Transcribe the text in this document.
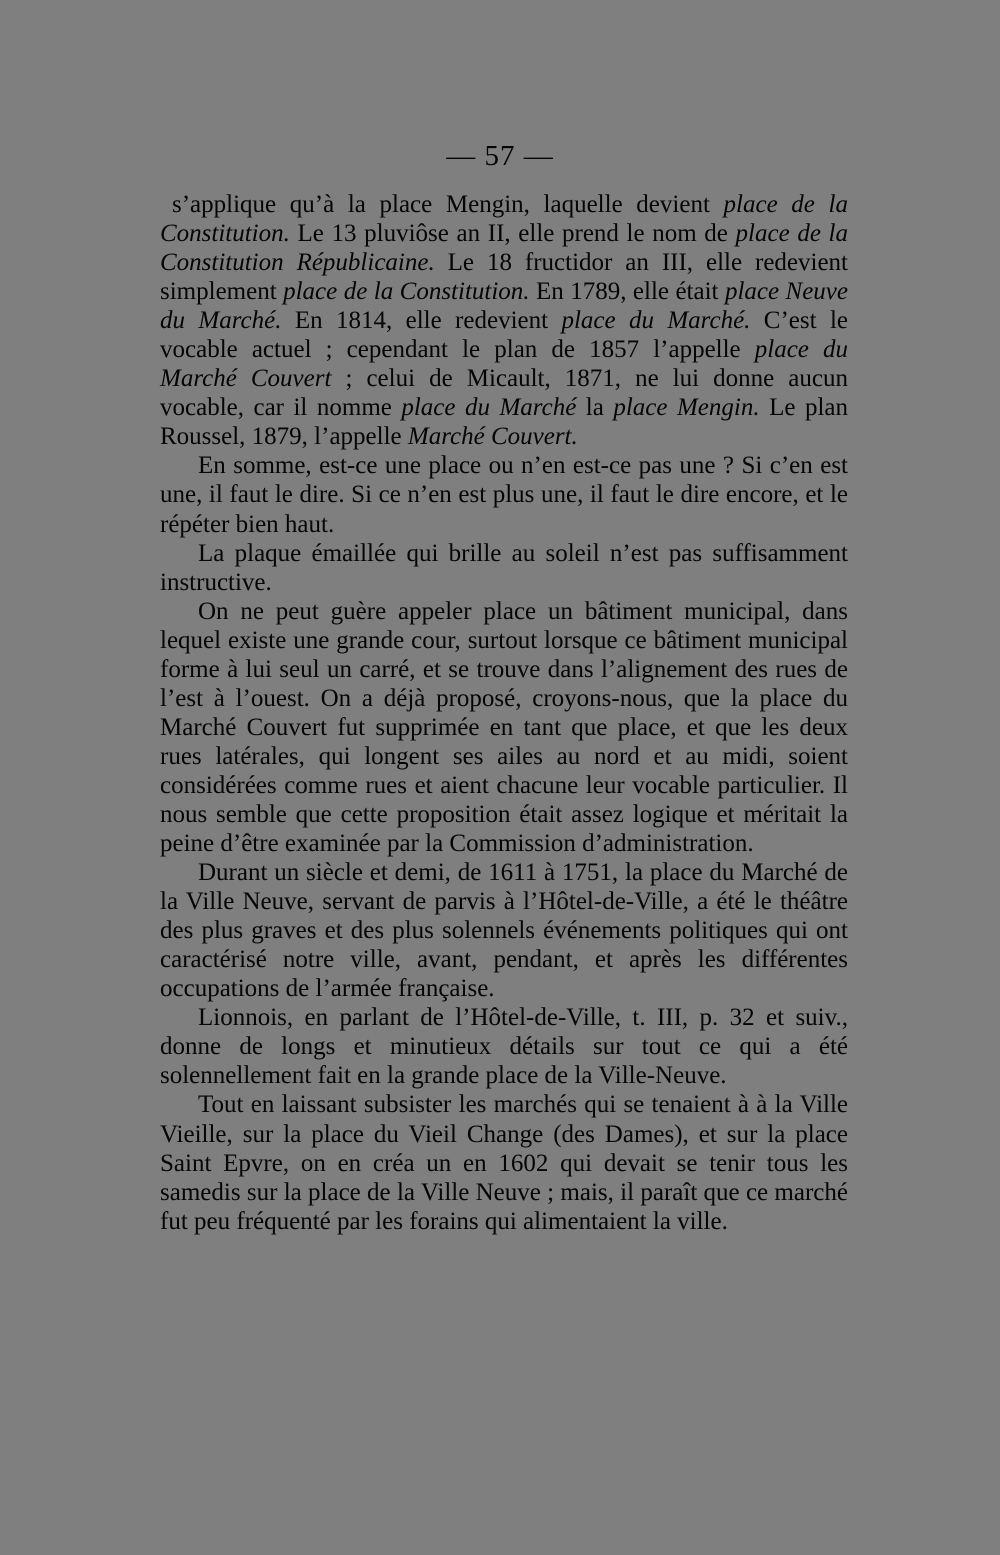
— 57 —

s’applique qu’à la place Mengin, laquelle devient place de la Constitution. Le 13 pluviôse an II, elle prend le nom de place de la Constitution Républicaine. Le 18 fructidor an III, elle redevient simplement place de la Constitution. En 1789, elle était place Neuve du Marché. En 1814, elle redevient place du Marché. C’est le vocable actuel ; cependant le plan de 1857 l’appelle place du Marché Couvert ; celui de Micault, 1871, ne lui donne aucun vocable, car il nomme place du Marché la place Mengin. Le plan Roussel, 1879, l’appelle Marché Couvert.

En somme, est-ce une place ou n’en est-ce pas une ? Si c’en est une, il faut le dire. Si ce n’en est plus une, il faut le dire encore, et le répéter bien haut.

La plaque émaillée qui brille au soleil n’est pas suffisamment instructive.

On ne peut guère appeler place un bâtiment municipal, dans lequel existe une grande cour, surtout lorsque ce bâtiment municipal forme à lui seul un carré, et se trouve dans l’alignement des rues de l’est à l’ouest. On a déjà proposé, croyons-nous, que la place du Marché Couvert fut supprimée en tant que place, et que les deux rues latérales, qui longent ses ailes au nord et au midi, soient considérées comme rues et aient chacune leur vocable particulier. Il nous semble que cette proposition était assez logique et méritait la peine d’être examinée par la Commission d’administration.

Durant un siècle et demi, de 1611 à 1751, la place du Marché de la Ville Neuve, servant de parvis à l’Hôtel-de-Ville, a été le théâtre des plus graves et des plus solennels événements politiques qui ont caractérisé notre ville, avant, pendant, et après les différentes occupations de l’armée française.

Lionnois, en parlant de l’Hôtel-de-Ville, t. III, p. 32 et suiv., donne de longs et minutieux détails sur tout ce qui a été solennellement fait en la grande place de la Ville-Neuve.

Tout en laissant subsister les marchés qui se tenaient à à la Ville Vieille, sur la place du Vieil Change (des Dames), et sur la place Saint Epvre, on en créa un en 1602 qui devait se tenir tous les samedis sur la place de la Ville Neuve ; mais, il paraît que ce marché fut peu fréquenté par les forains qui alimentaient la ville.
